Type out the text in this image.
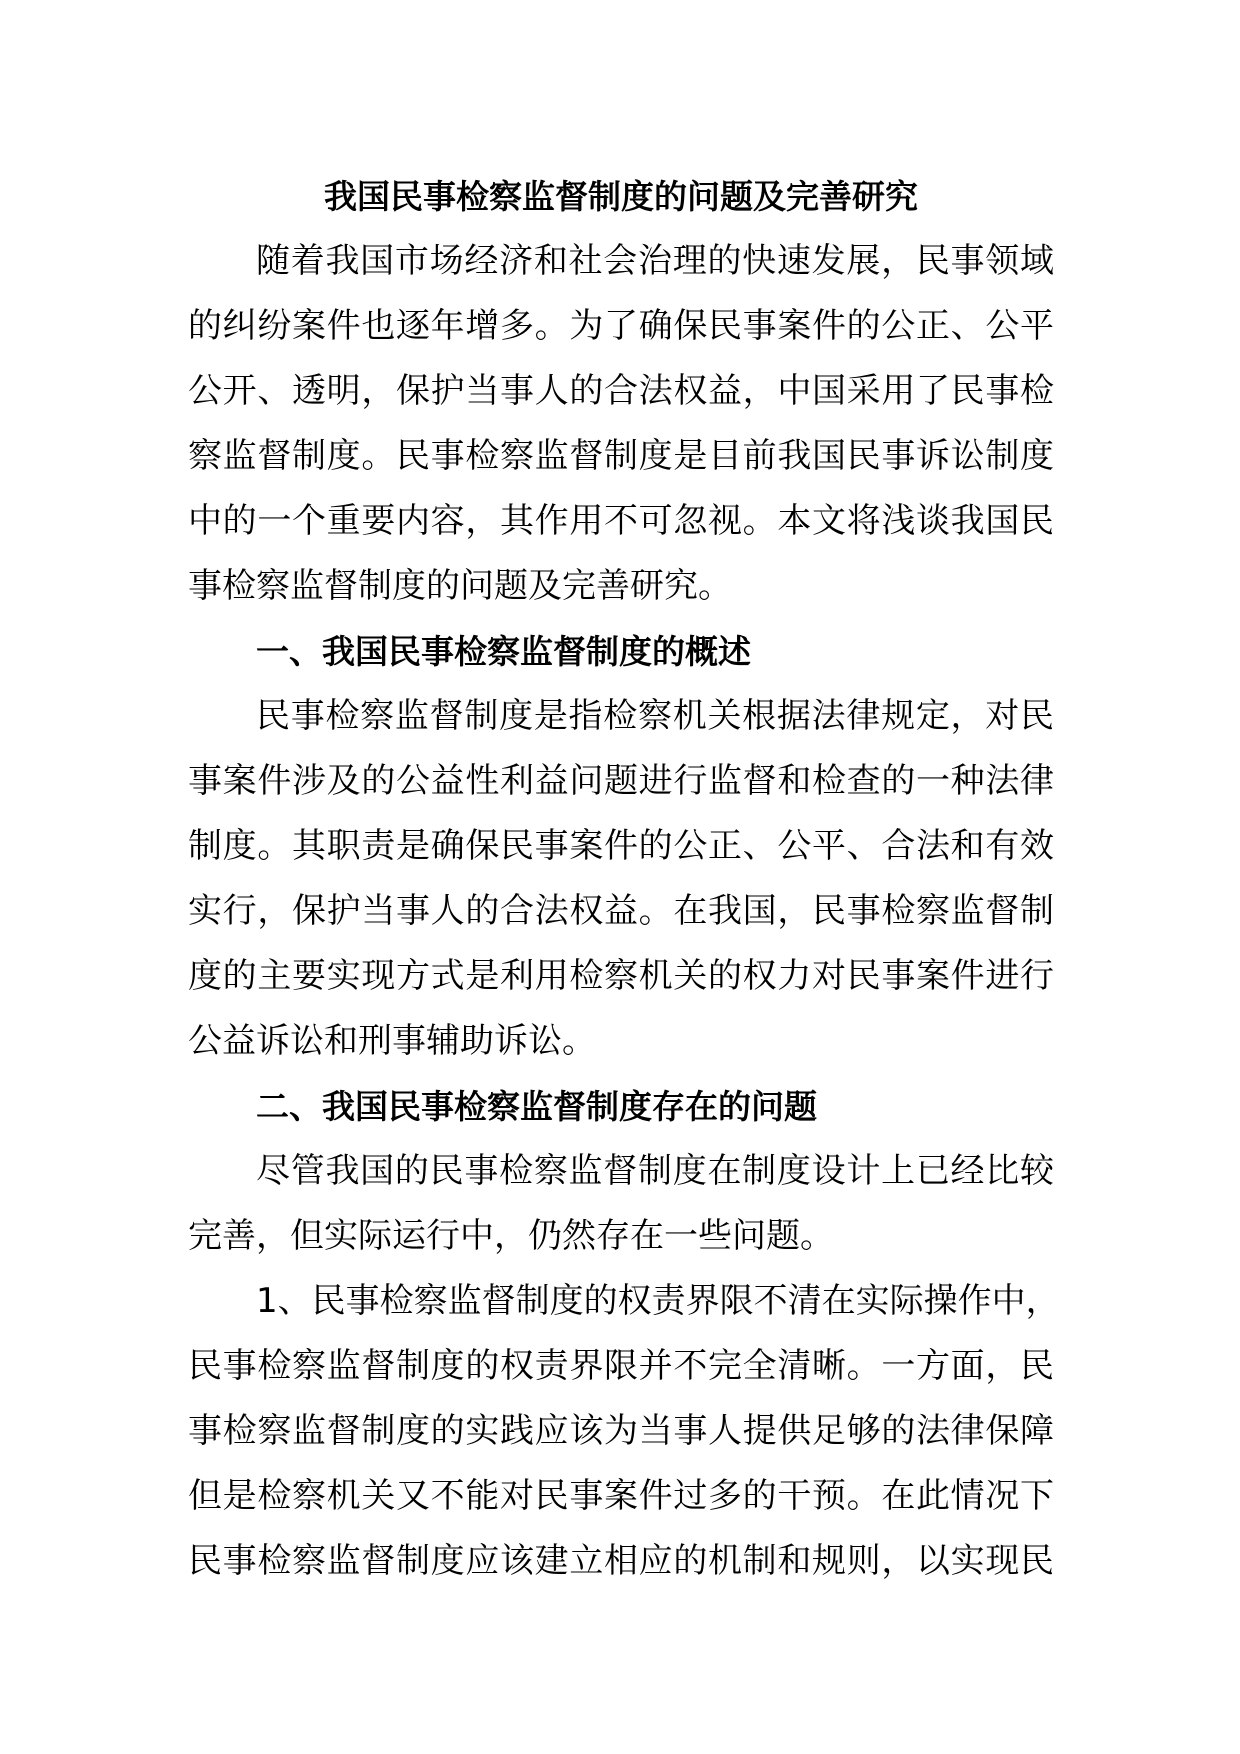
我国民事检察监督制度的问题及完善研究
随着我国市场经济和社会治理的快速发展，民事领域
的纠纷案件也逐年增多。为了确保民事案件的公正、公平
公开、透明，保护当事人的合法权益，中国采用了民事检
察监督制度。民事检察监督制度是目前我国民事诉讼制度
中的一个重要内容，其作用不可忽视。本文将浅谈我国民
事检察监督制度的问题及完善研究。
一、我国民事检察监督制度的概述
民事检察监督制度是指检察机关根据法律规定，对民
事案件涉及的公益性利益问题进行监督和检查的一种法律
制度。其职责是确保民事案件的公正、公平、合法和有效
实行，保护当事人的合法权益。在我国，民事检察监督制
度的主要实现方式是利用检察机关的权力对民事案件进行
公益诉讼和刑事辅助诉讼。
二、我国民事检察监督制度存在的问题
尽管我国的民事检察监督制度在制度设计上已经比较
完善，但实际运行中，仍然存在一些问题。
1、民事检察监督制度的权责界限不清在实际操作中，
民事检察监督制度的权责界限并不完全清晰。一方面，民
事检察监督制度的实践应该为当事人提供足够的法律保障
但是检察机关又不能对民事案件过多的干预。在此情况下
民事检察监督制度应该建立相应的机制和规则，以实现民
